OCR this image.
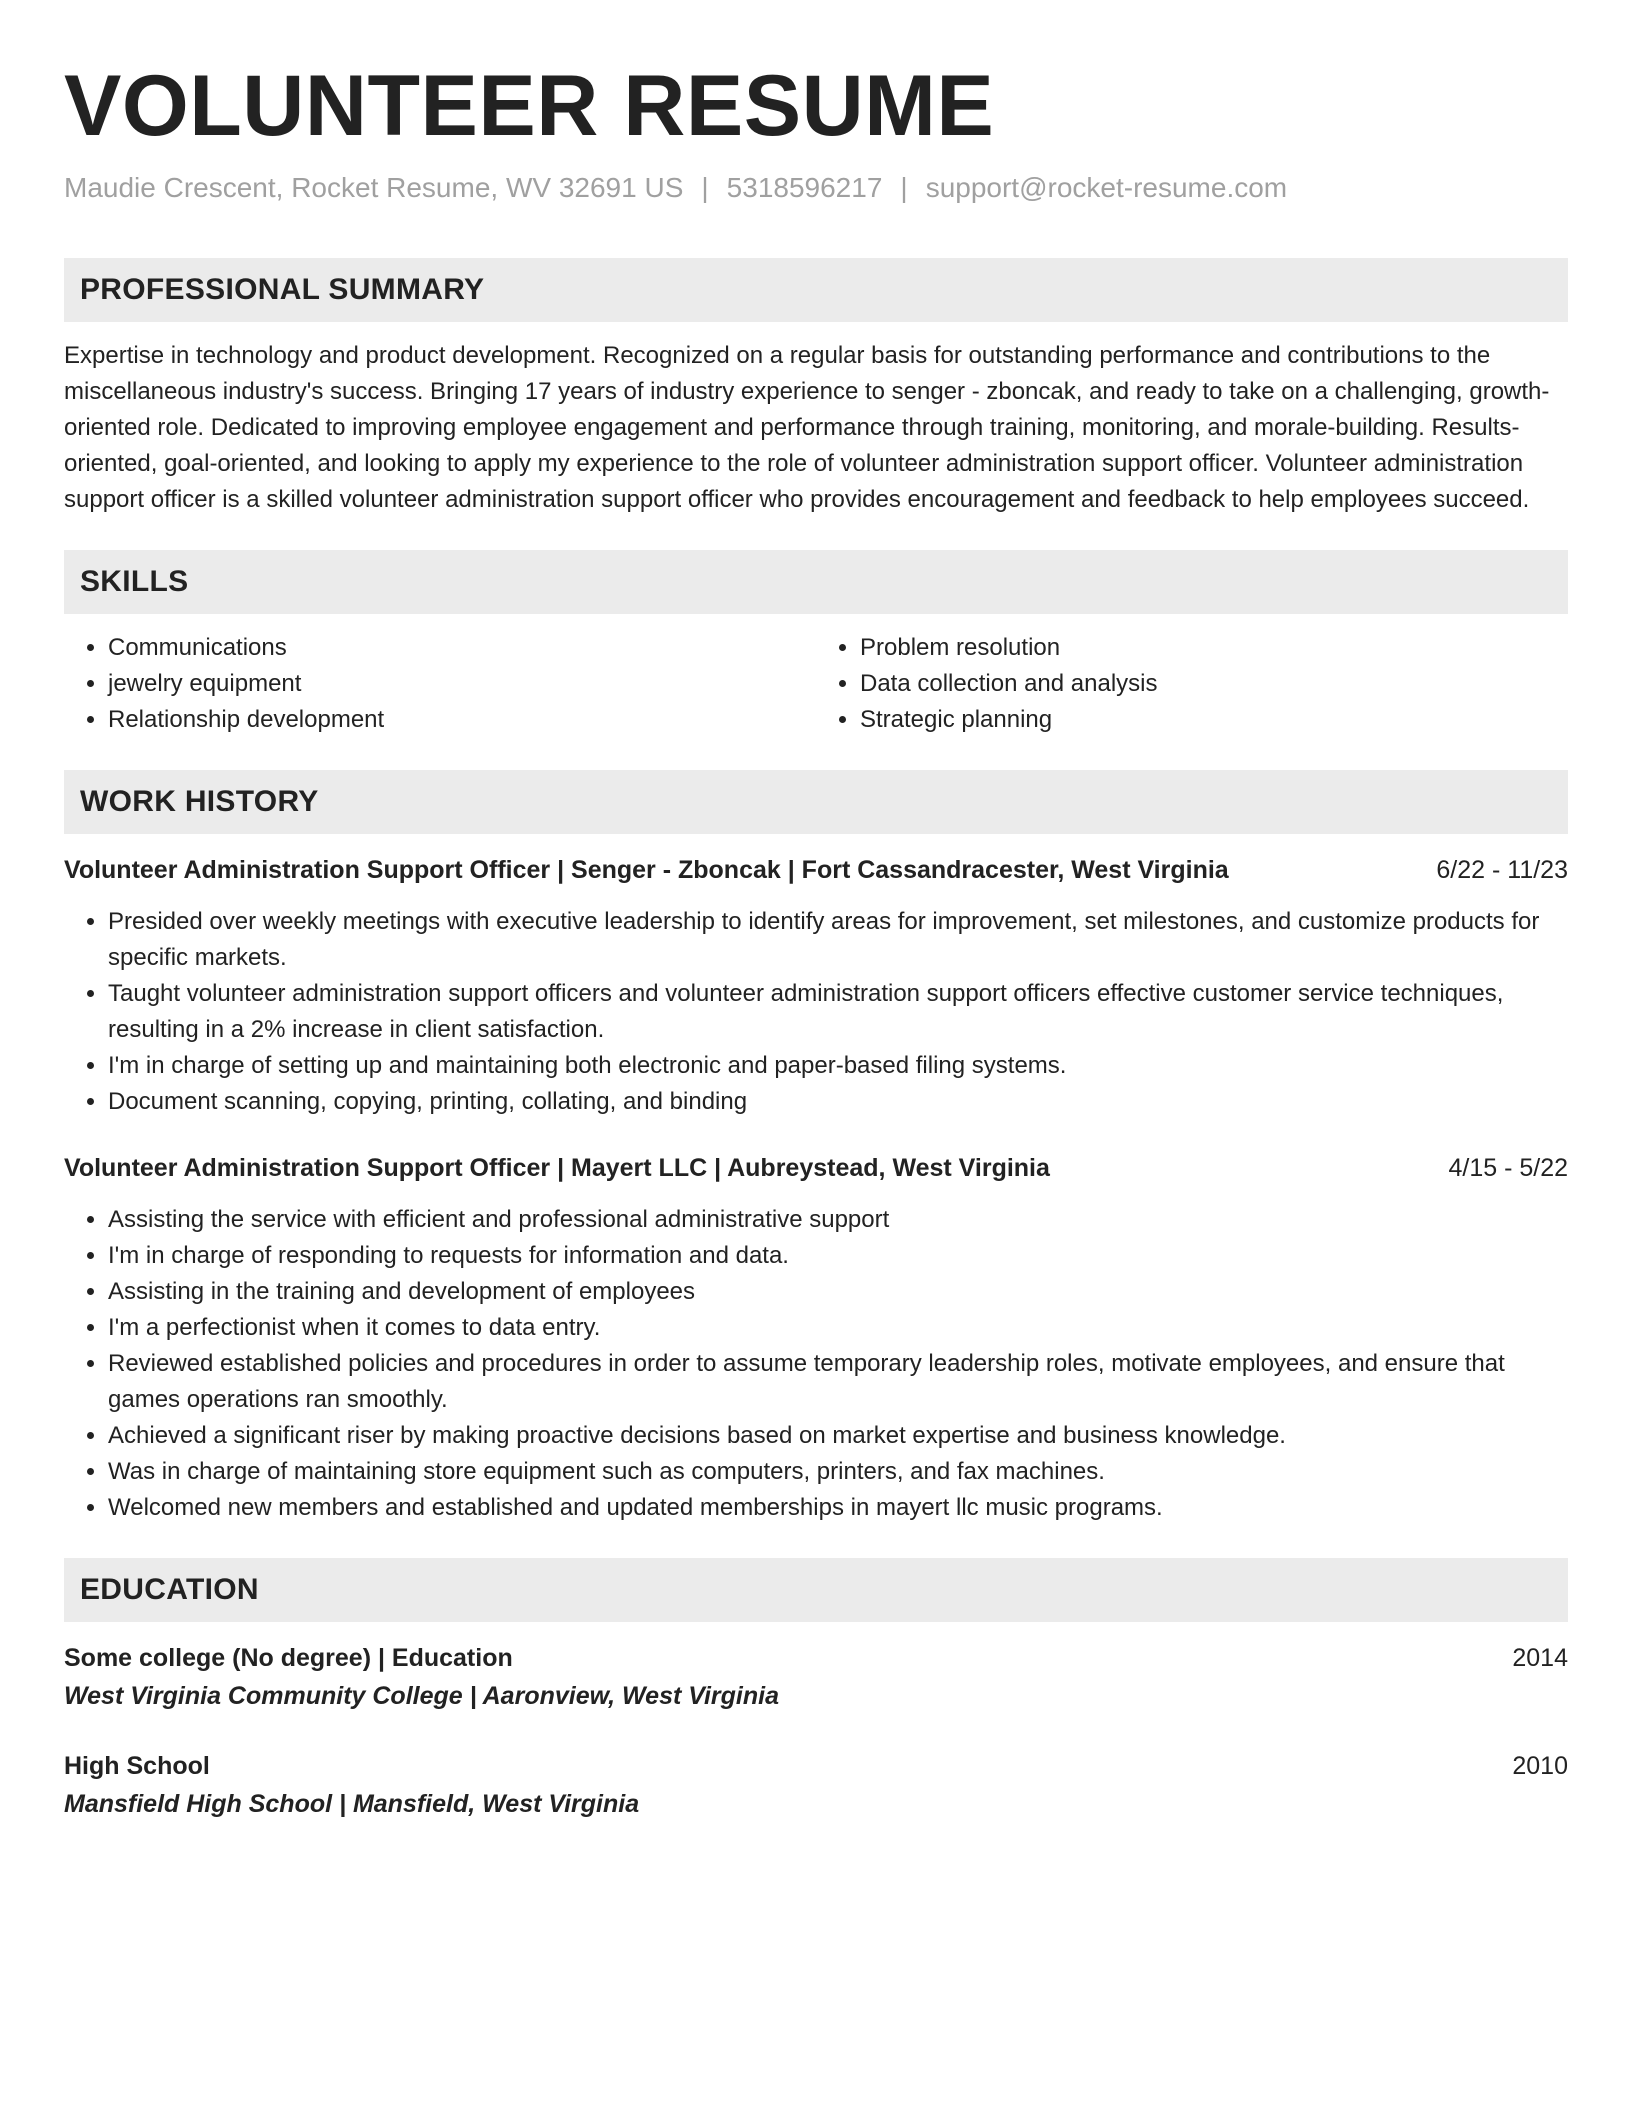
VOLUNTEER RESUME
Maudie Crescent, Rocket Resume, WV 32691 US | 5318596217 | support@rocket-resume.com
PROFESSIONAL SUMMARY
Expertise in technology and product development. Recognized on a regular basis for outstanding performance and contributions to the miscellaneous industry's success. Bringing 17 years of industry experience to senger - zboncak, and ready to take on a challenging, growth-oriented role. Dedicated to improving employee engagement and performance through training, monitoring, and morale-building. Results-oriented, goal-oriented, and looking to apply my experience to the role of volunteer administration support officer. Volunteer administration support officer is a skilled volunteer administration support officer who provides encouragement and feedback to help employees succeed.
SKILLS
• Communications
• jewelry equipment
• Relationship development
• Problem resolution
• Data collection and analysis
• Strategic planning
WORK HISTORY
Volunteer Administration Support Officer | Senger - Zboncak | Fort Cassandracester, West Virginia	6/22 - 11/23
• Presided over weekly meetings with executive leadership to identify areas for improvement, set milestones, and customize products for specific markets.
• Taught volunteer administration support officers and volunteer administration support officers effective customer service techniques, resulting in a 2% increase in client satisfaction.
• I'm in charge of setting up and maintaining both electronic and paper-based filing systems.
• Document scanning, copying, printing, collating, and binding
Volunteer Administration Support Officer | Mayert LLC | Aubreystead, West Virginia	4/15 - 5/22
• Assisting the service with efficient and professional administrative support
• I'm in charge of responding to requests for information and data.
• Assisting in the training and development of employees
• I'm a perfectionist when it comes to data entry.
• Reviewed established policies and procedures in order to assume temporary leadership roles, motivate employees, and ensure that games operations ran smoothly.
• Achieved a significant riser by making proactive decisions based on market expertise and business knowledge.
• Was in charge of maintaining store equipment such as computers, printers, and fax machines.
• Welcomed new members and established and updated memberships in mayert llc music programs.
EDUCATION
Some college (No degree) | Education	2014
West Virginia Community College | Aaronview, West Virginia
High School	2010
Mansfield High School | Mansfield, West Virginia
